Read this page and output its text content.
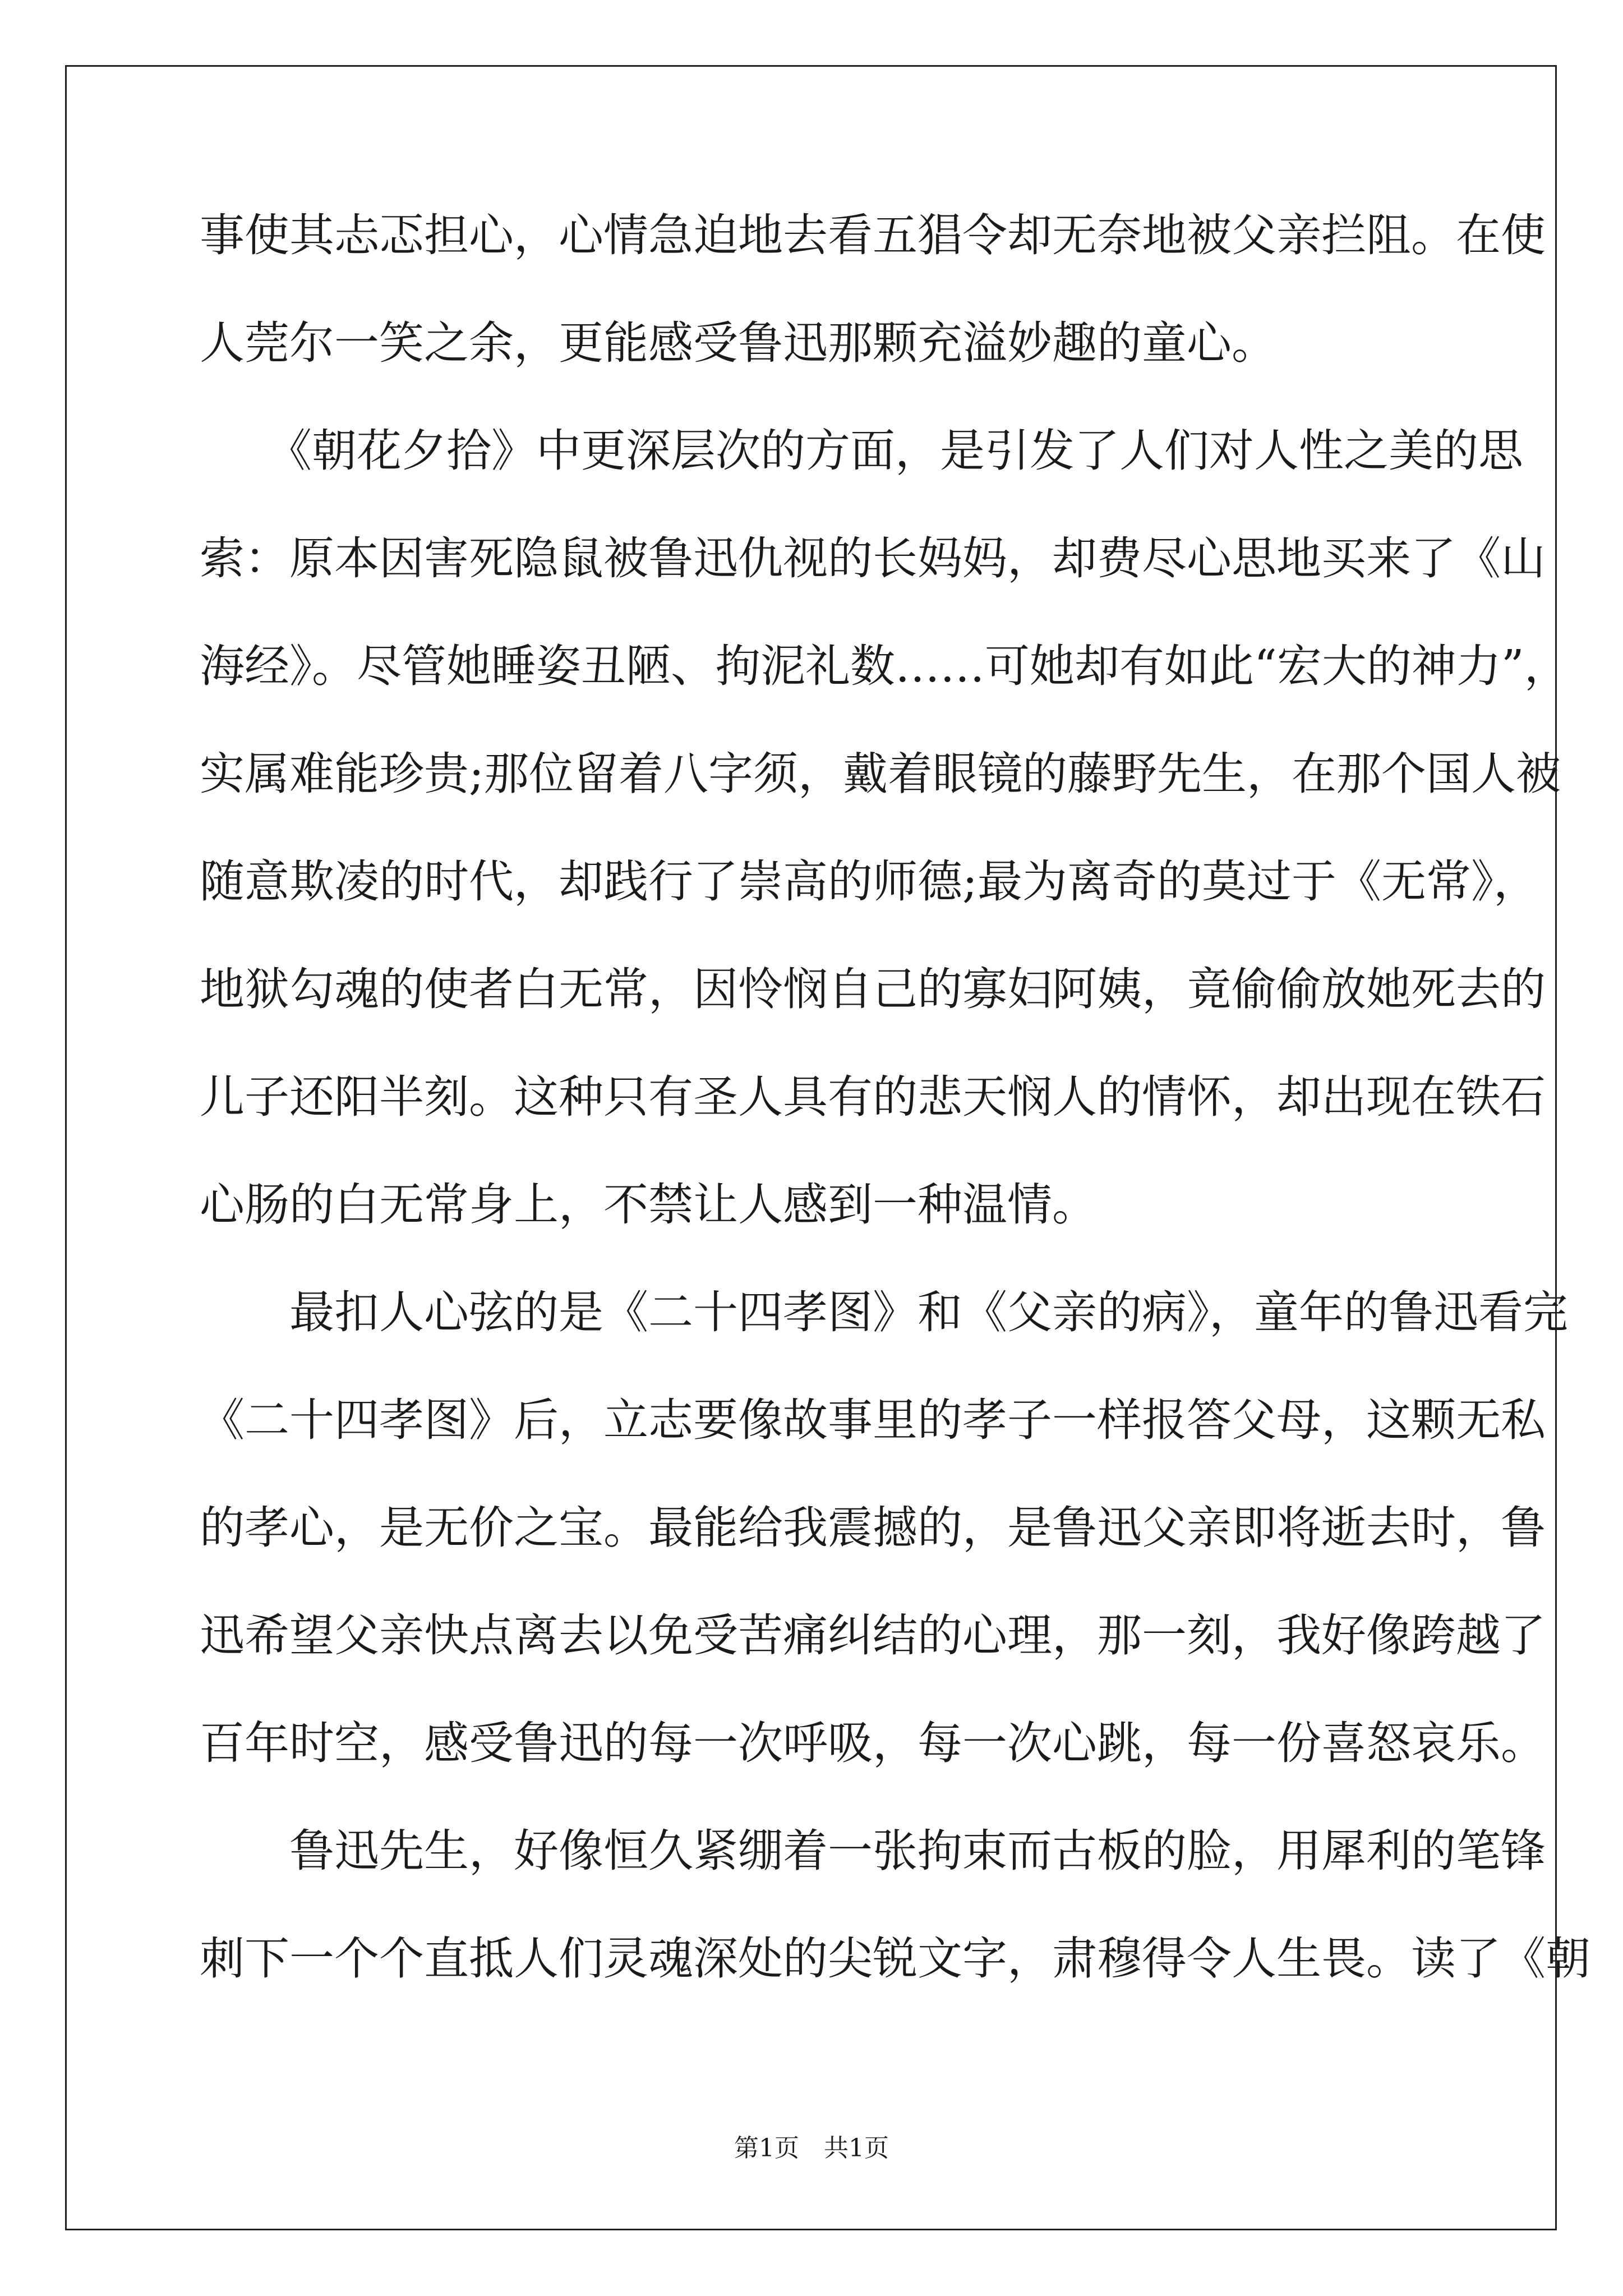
事使其忐忑担心，心情急迫地去看五猖令却无奈地被父亲拦阻。在使
人莞尔一笑之余，更能感受鲁迅那颗充溢妙趣的童心。
　　《朝花夕拾》中更深层次的方面，是引发了人们对人性之美的思
索：原本因害死隐鼠被鲁迅仇视的长妈妈，却费尽心思地买来了《山
海经》。尽管她睡姿丑陋、拘泥礼数……可她却有如此“宏大的神力”，
实属难能珍贵;那位留着八字须，戴着眼镜的藤野先生，在那个国人被
随意欺凌的时代，却践行了崇高的师德;最为离奇的莫过于《无常》，
地狱勾魂的使者白无常，因怜悯自己的寡妇阿姨，竟偷偷放她死去的
儿子还阳半刻。这种只有圣人具有的悲天悯人的情怀，却出现在铁石
心肠的白无常身上，不禁让人感到一种温情。
　　最扣人心弦的是《二十四孝图》和《父亲的病》，童年的鲁迅看完
《二十四孝图》后，立志要像故事里的孝子一样报答父母，这颗无私
的孝心，是无价之宝。最能给我震撼的，是鲁迅父亲即将逝去时，鲁
迅希望父亲快点离去以免受苦痛纠结的心理，那一刻，我好像跨越了
百年时空，感受鲁迅的每一次呼吸，每一次心跳，每一份喜怒哀乐。
　　鲁迅先生，好像恒久紧绷着一张拘束而古板的脸，用犀利的笔锋
刺下一个个直抵人们灵魂深处的尖锐文字，肃穆得令人生畏。读了《朝
第1页　共1页
